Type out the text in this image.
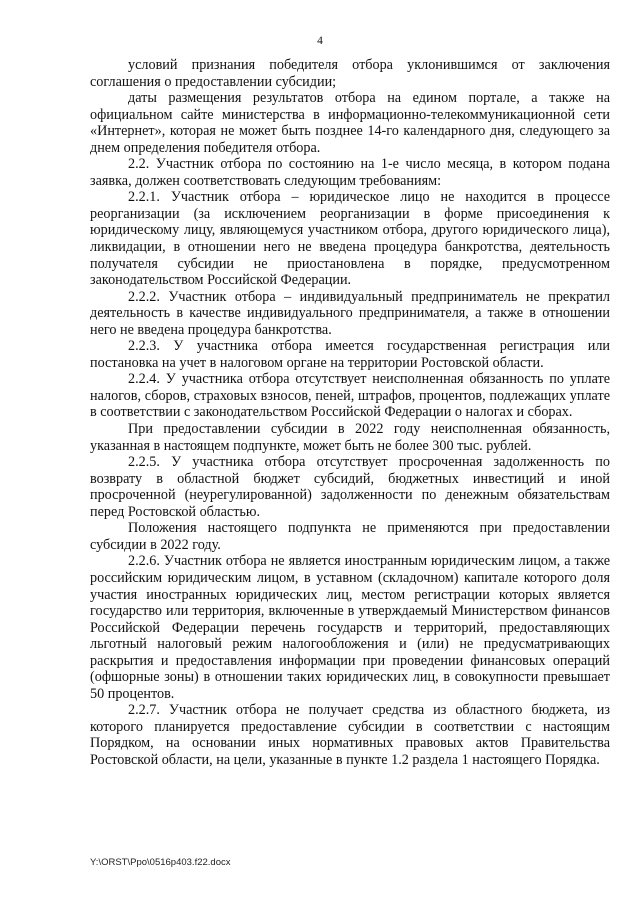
4

условий признания победителя отбора уклонившимся от заключения соглашения о предоставлении субсидии;

даты размещения результатов отбора на едином портале, а также на официальном сайте министерства в информационно-телекоммуникационной сети «Интернет», которая не может быть позднее 14-го календарного дня, следующего за днем определения победителя отбора.

2.2. Участник отбора по состоянию на 1-е число месяца, в котором подана заявка, должен соответствовать следующим требованиям:

2.2.1. Участник отбора – юридическое лицо не находится в процессе реорганизации (за исключением реорганизации в форме присоединения к юридическому лицу, являющемуся участником отбора, другого юридического лица), ликвидации, в отношении него не введена процедура банкротства, деятельность получателя субсидии не приостановлена в порядке, предусмотренном законодательством Российской Федерации.

2.2.2. Участник отбора – индивидуальный предприниматель не прекратил деятельность в качестве индивидуального предпринимателя, а также в отношении него не введена процедура банкротства.

2.2.3. У участника отбора имеется государственная регистрация или постановка на учет в налоговом органе на территории Ростовской области.

2.2.4. У участника отбора отсутствует неисполненная обязанность по уплате налогов, сборов, страховых взносов, пеней, штрафов, процентов, подлежащих уплате в соответствии с законодательством Российской Федерации о налогах и сборах.

При предоставлении субсидии в 2022 году неисполненная обязанность, указанная в настоящем подпункте, может быть не более 300 тыс. рублей.

2.2.5. У участника отбора отсутствует просроченная задолженность по возврату в областной бюджет субсидий, бюджетных инвестиций и иной просроченной (неурегулированной) задолженности по денежным обязательствам перед Ростовской областью.

Положения настоящего подпункта не применяются при предоставлении субсидии в 2022 году.

2.2.6. Участник отбора не является иностранным юридическим лицом, а также российским юридическим лицом, в уставном (складочном) капитале которого доля участия иностранных юридических лиц, местом регистрации которых является государство или территория, включенные в утверждаемый Министерством финансов Российской Федерации перечень государств и территорий, предоставляющих льготный налоговый режим налогообложения и (или) не предусматривающих раскрытия и предоставления информации при проведении финансовых операций (офшорные зоны) в отношении таких юридических лиц, в совокупности превышает 50 процентов.

2.2.7. Участник отбора не получает средства из областного бюджета, из которого планируется предоставление субсидии в соответствии с настоящим Порядком, на основании иных нормативных правовых актов Правительства Ростовской области, на цели, указанные в пункте 1.2 раздела 1 настоящего Порядка.

Y:\ORST\Ppo\0516p403.f22.docx
